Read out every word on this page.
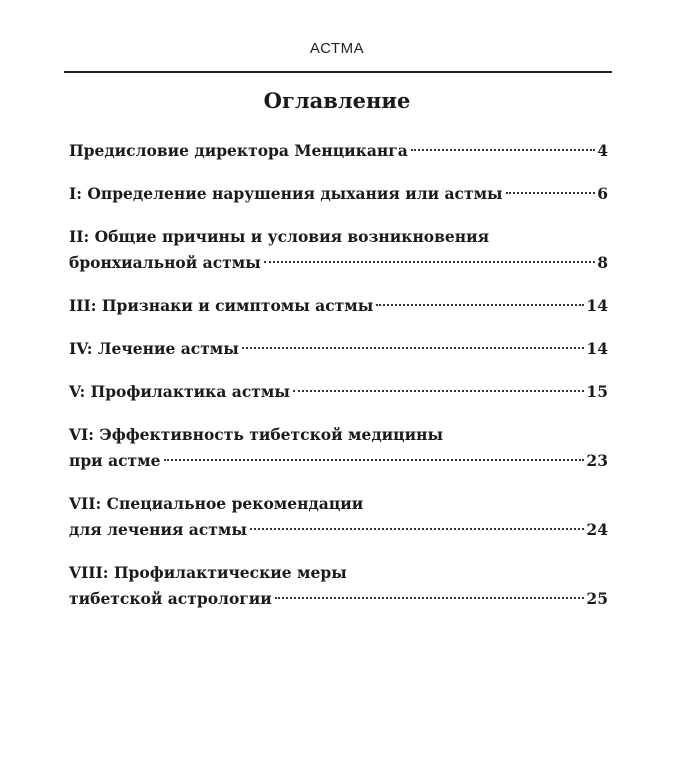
АСТМА
Оглавление
Предисловие директора Менциканга	4
I: Определение нарушения дыхания или астмы	6
II: Общие причины и условия возникновения
бронхиальной астмы	8
III: Признаки и симптомы астмы	14
IV: Лечение астмы	14
V: Профилактика астмы	15
VI: Эффективность тибетской медицины
при астме	23
VII: Специальное рекомендации
для лечения астмы	24
VIII: Профилактические меры
тибетской астрологии	25
